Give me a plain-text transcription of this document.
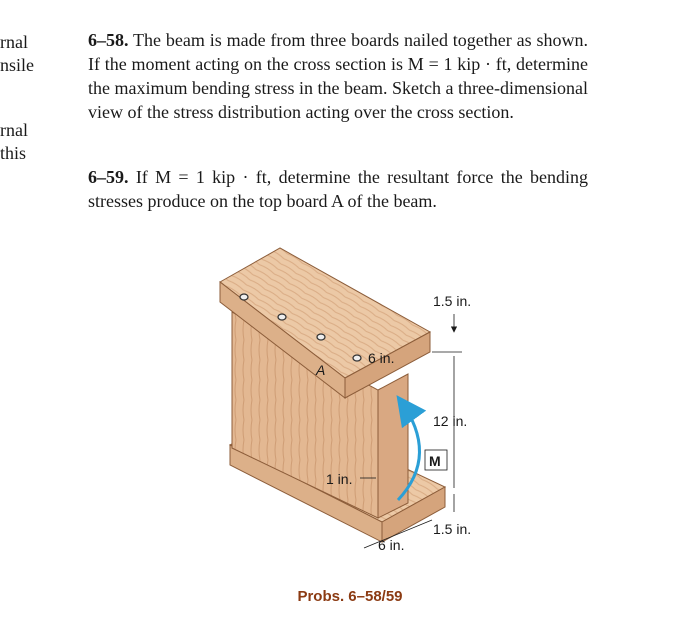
rnal
nsile
rnal
this
6–58. The beam is made from three boards nailed together as shown. If the moment acting on the cross section is M = 1 kip · ft, determine the maximum bending stress in the beam. Sketch a three-dimensional view of the stress distribution acting over the cross section.
6–59. If M = 1 kip · ft, determine the resultant force the bending stresses produce on the top board A of the beam.
A
6 in.
1.5 in.
12 in.
M
1 in.
1.5 in.
6 in.
Probs. 6–58/59
